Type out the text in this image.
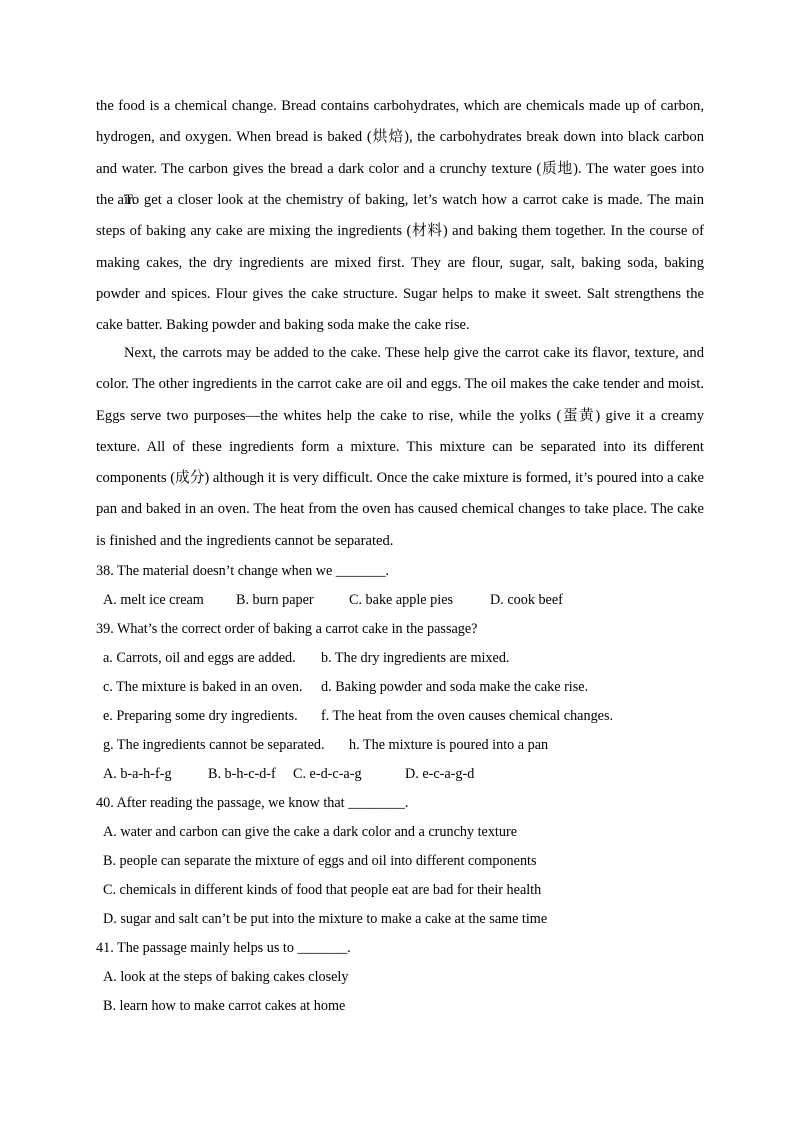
the food is a chemical change. Bread contains carbohydrates, which are chemicals made up of carbon, hydrogen, and oxygen. When bread is baked (烘焙), the carbohydrates break down into black carbon and water. The carbon gives the bread a dark color and a crunchy texture (质地). The water goes into the air.

To get a closer look at the chemistry of baking, let’s watch how a carrot cake is made. The main steps of baking any cake are mixing the ingredients (材料) and baking them together. In the course of making cakes, the dry ingredients are mixed first. They are flour, sugar, salt, baking soda, baking powder and spices. Flour gives the cake structure. Sugar helps to make it sweet. Salt strengthens the cake batter. Baking powder and baking soda make the cake rise.

Next, the carrots may be added to the cake. These help give the carrot cake its flavor, texture, and color. The other ingredients in the carrot cake are oil and eggs. The oil makes the cake tender and moist. Eggs serve two purposes—the whites help the cake to rise, while the yolks (蛋黄) give it a creamy texture. All of these ingredients form a mixture. This mixture can be separated into its different components (成分) although it is very difficult. Once the cake mixture is formed, it’s poured into a cake pan and baked in an oven. The heat from the oven has caused chemical changes to take place. The cake is finished and the ingredients cannot be separated.

38. The material doesn’t change when we _______.

A. melt ice cream B. burn paper C. bake apple pies	D. cook beef

39. What’s the correct order of baking a carrot cake in the passage?

a. Carrots, oil and eggs are added. b. The dry ingredients are mixed.
c. The mixture is baked in an oven. d. Baking powder and soda make the cake rise.
e. Preparing some dry ingredients. f. The heat from the oven causes chemical changes.
g. The ingredients cannot be separated. h. The mixture is poured into a pan
A. b-a-h-f-g	B. b-h-c-d-f C. e-d-c-a-g	D. e-c-a-g-d

40. After reading the passage, we know that ________.

A. water and carbon can give the cake a dark color and a crunchy texture

B. people can separate the mixture of eggs and oil into different components

C. chemicals in different kinds of food that people eat are bad for their health

D. sugar and salt can’t be put into the mixture to make a cake at the same time

41. The passage mainly helps us to _______.

A. look at the steps of baking cakes closely

B. learn how to make carrot cakes at home
